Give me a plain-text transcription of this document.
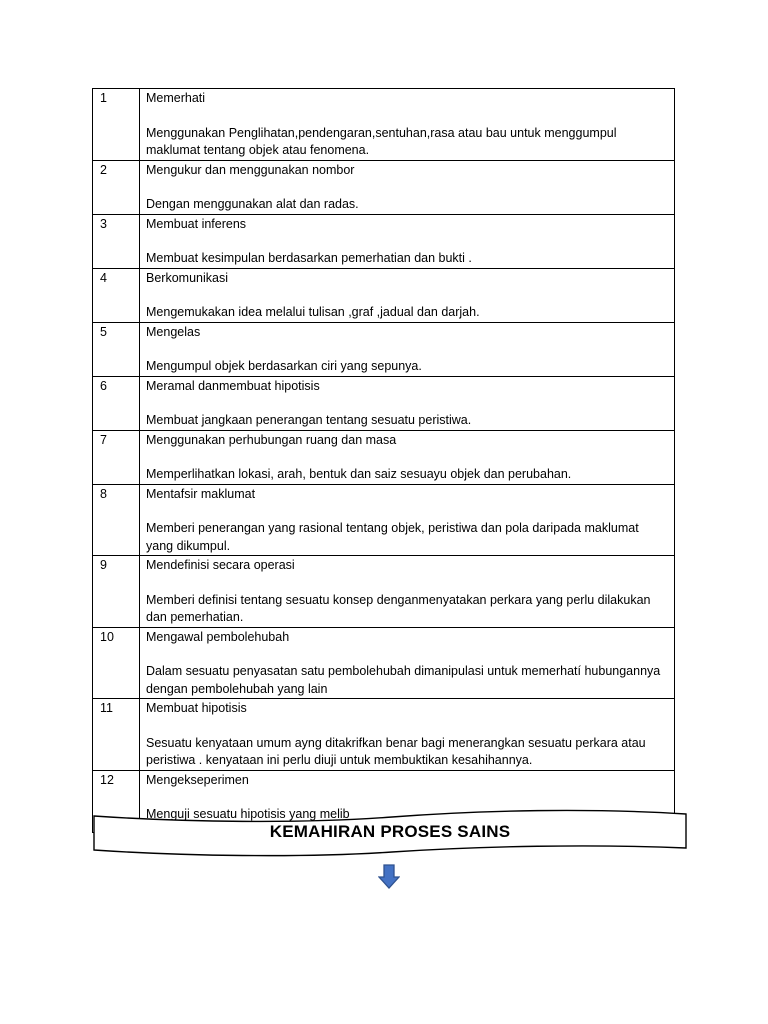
1	Memerhati
Menggunakan Penglihatan,pendengaran,sentuhan,rasa atau bau untuk menggumpul maklumat tentang objek atau fenomena.

2	Mengukur dan menggunakan nombor
Dengan menggunakan alat dan radas.

3	Membuat inferens
Membuat kesimpulan berdasarkan pemerhatian dan bukti .

4	Berkomunikasi
Mengemukakan idea melalui tulisan ,graf ,jadual dan darjah.

5	Mengelas
Mengumpul objek berdasarkan ciri yang sepunya.

6	Meramal danmembuat hipotisis
Membuat jangkaan penerangan tentang sesuatu peristiwa.

7	Menggunakan perhubungan ruang dan masa
Memperlihatkan lokasi, arah, bentuk dan saiz sesuayu objek dan perubahan.

8	Mentafsir maklumat
Memberi penerangan yang rasional tentang objek, peristiwa dan pola daripada maklumat yang dikumpul.

9	Mendefinisi secara operasi
Memberi definisi tentang sesuatu konsep denganmenyatakan perkara yang perlu dilakukan dan pemerhatian.

10	Mengawal pembolehubah
Dalam sesuatu penyasatan satu pembolehubah dimanipulasi untuk memerhatí hubungannya dengan pembolehubah yang lain

11	Membuat hipotisis
Sesuatu kenyataan umum ayng ditakrifkan benar bagi menerangkan sesuatu perkara atau peristiwa . kenyataan ini perlu diuji untuk membuktikan kesahihannya.

12	Mengekseperimen
Menguji sesuatu hipotisis yang melib
KEMAHIRAN PROSES SAINS
